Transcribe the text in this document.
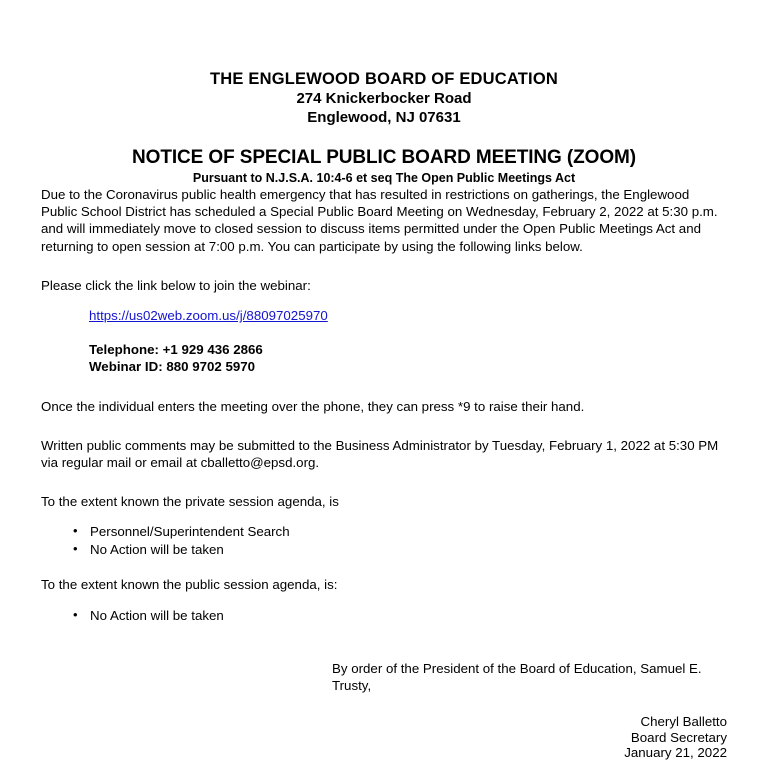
THE ENGLEWOOD BOARD OF EDUCATION
274 Knickerbocker Road
Englewood, NJ 07631
NOTICE OF SPECIAL PUBLIC BOARD MEETING (ZOOM)
Pursuant to N.J.S.A. 10:4-6 et seq The Open Public Meetings Act

Due to the Coronavirus public health emergency that has resulted in restrictions on gatherings, the Englewood Public School District has scheduled a Special Public Board Meeting on Wednesday, February 2, 2022 at 5:30 p.m. and will immediately move to closed session to discuss items permitted under the Open Public Meetings Act and returning to open session at 7:00 p.m. You can participate by using the following links below.

Please click the link below to join the webinar:

https://us02web.zoom.us/j/88097025970
Telephone: +1 929 436 2866
Webinar ID: 880 9702 5970

Once the individual enters the meeting over the phone, they can press *9 to raise their hand.

Written public comments may be submitted to the Business Administrator by Tuesday, February 1, 2022 at 5:30 PM via regular mail or email at cballetto@epsd.org.

To the extent known the private session agenda, is

• Personnel/Superintendent Search
• No Action will be taken

To the extent known the public session agenda, is:

• No Action will be taken
By order of the President of the Board of Education, Samuel E. Trusty,
Cheryl Balletto
Board Secretary
January 21, 2022
